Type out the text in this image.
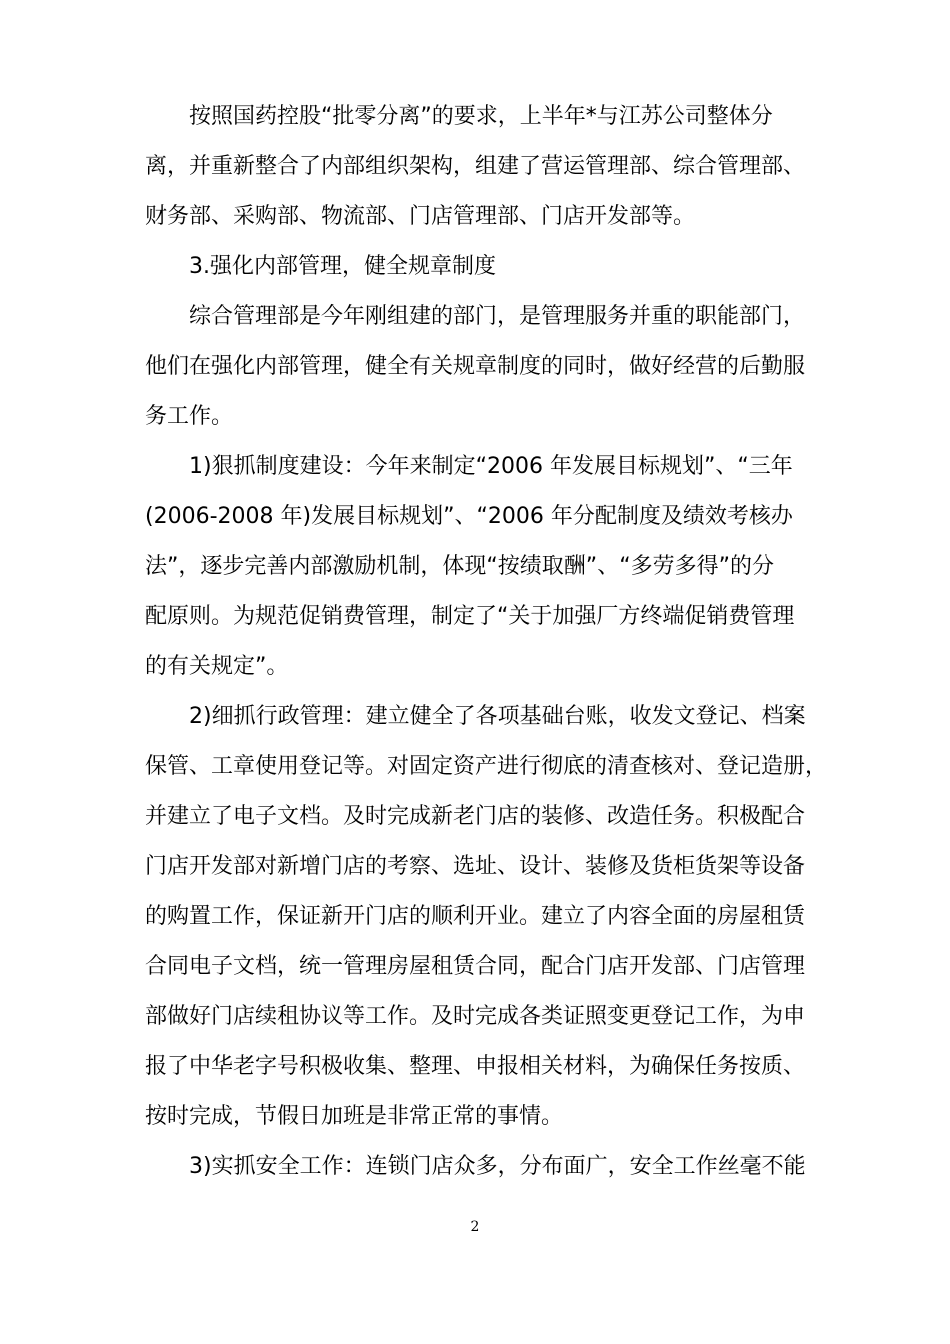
按照国药控股“批零分离”的要求，上半年*与江苏公司整体分
离，并重新整合了内部组织架构，组建了营运管理部、综合管理部、
财务部、采购部、物流部、门店管理部、门店开发部等。
3.强化内部管理，健全规章制度
综合管理部是今年刚组建的部门，是管理服务并重的职能部门，
他们在强化内部管理，健全有关规章制度的同时，做好经营的后勤服
务工作。
1)狠抓制度建设：今年来制定“2006 年发展目标规划”、“三年
(2006-2008 年)发展目标规划”、“2006 年分配制度及绩效考核办
法”，逐步完善内部激励机制，体现“按绩取酬”、“多劳多得”的分
配原则。为规范促销费管理，制定了“关于加强厂方终端促销费管理
的有关规定”。
2)细抓行政管理：建立健全了各项基础台账，收发文登记、档案
保管、工章使用登记等。对固定资产进行彻底的清查核对、登记造册，
并建立了电子文档。及时完成新老门店的装修、改造任务。积极配合
门店开发部对新增门店的考察、选址、设计、装修及货柜货架等设备
的购置工作，保证新开门店的顺利开业。建立了内容全面的房屋租赁
合同电子文档，统一管理房屋租赁合同，配合门店开发部、门店管理
部做好门店续租协议等工作。及时完成各类证照变更登记工作，为申
报了中华老字号积极收集、整理、申报相关材料，为确保任务按质、
按时完成，节假日加班是非常正常的事情。
3)实抓安全工作：连锁门店众多，分布面广，安全工作丝毫不能
2
